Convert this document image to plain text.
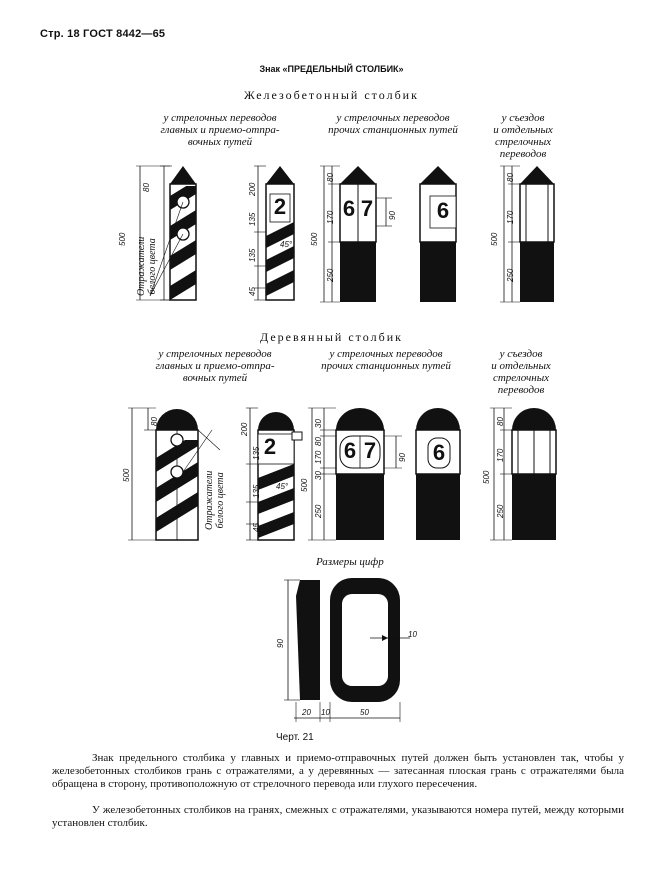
Стр. 18 ГОСТ 8442—65
Знак «ПРЕДЕЛЬНЫЙ СТОЛБИК»
Железобетонный столбик
у стрелочных переводов
главных и приемо-отпра-
вочных путей
у стрелочных переводов
прочих станционных путей
у съездов
и отдельных
стрелочных
переводов
Деревянный столбик
у стрелочных переводов
главных и приемо-отпра-
вочных путей
у стрелочных переводов
прочих станционных путей
у съездов
и отдельных
стрелочных
переводов
2	6 7	6
Отражатели
белого цвета
80
500
200
135
135
45
45°
80
500
170
250
90
80
500
170
250
2	6 7	6
Отражатели
белого цвета
80
500
200
135
135
45
45°
30
80
170
30
500
250
90
80
500
170
250
Размеры цифр
90
10
20 10	50
Черт. 21
Знак предельного столбика у главных и приемо-отправочных путей должен быть установлен так, чтобы у железобетонных столбиков грань с отражателями, а у деревянных — затесанная плоская грань с отражателями была обращена в сторону, противоположную от стрелочного перевода или глухого пересечения.
У железобетонных столбиков на гранях, смежных с отражателями, указываются номера путей, между которыми установлен столбик.
